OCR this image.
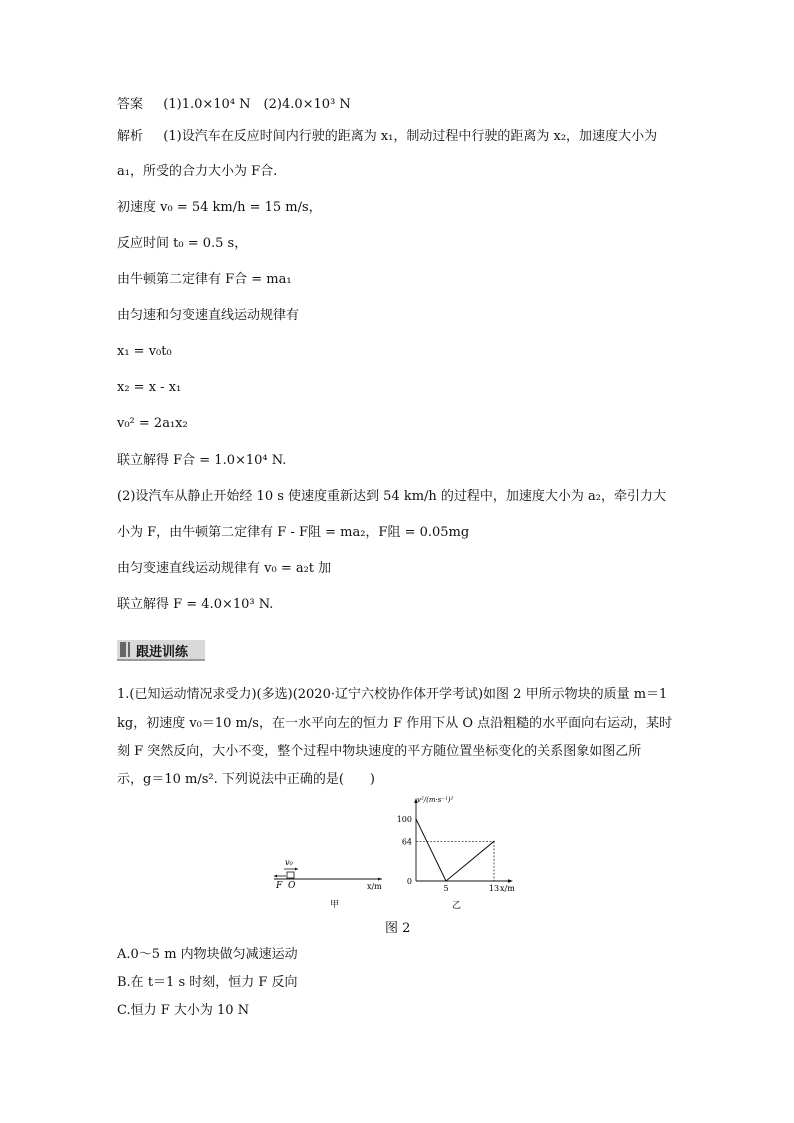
答案 (1)1.0×10⁴ N　(2)4.0×10³ N
解析 (1)设汽车在反应时间内行驶的距离为 x₁，制动过程中行驶的距离为 x₂，加速度大小为
a₁，所受的合力大小为 F合.
初速度 v₀ = 54 km/h = 15 m/s，
反应时间 t₀ = 0.5 s，
由牛顿第二定律有 F合 = ma₁
由匀速和匀变速直线运动规律有
x₁ = v₀t₀
x₂ = x - x₁
v₀² = 2a₁x₂
联立解得 F合 = 1.0×10⁴ N.
(2)设汽车从静止开始经 10 s 使速度重新达到 54 km/h 的过程中，加速度大小为 a₂，牵引力大
小为 F，由牛顿第二定律有 F - F阻 = ma₂，F阻 = 0.05mg
由匀变速直线运动规律有 v₀ = a₂t 加
联立解得 F = 4.0×10³ N.
跟进训练
1.(已知运动情况求受力)(多选)(2020·辽宁六校协作体开学考试)如图 2 甲所示物块的质量 m＝1
kg，初速度 v₀＝10 m/s，在一水平向左的恒力 F 作用下从 O 点沿粗糙的水平面向右运动，某时
刻 F 突然反向，大小不变，整个过程中物块速度的平方随位置坐标变化的关系图象如图乙所
示，g＝10 m/s². 下列说法中正确的是(　　)
v₀
F O	x/m
甲
v²/(m·s⁻¹)²
x/m
100
64
0
5	13
乙
图 2
A.0～5 m 内物块做匀减速运动
B.在 t＝1 s 时刻，恒力 F 反向
C.恒力 F 大小为 10 N
